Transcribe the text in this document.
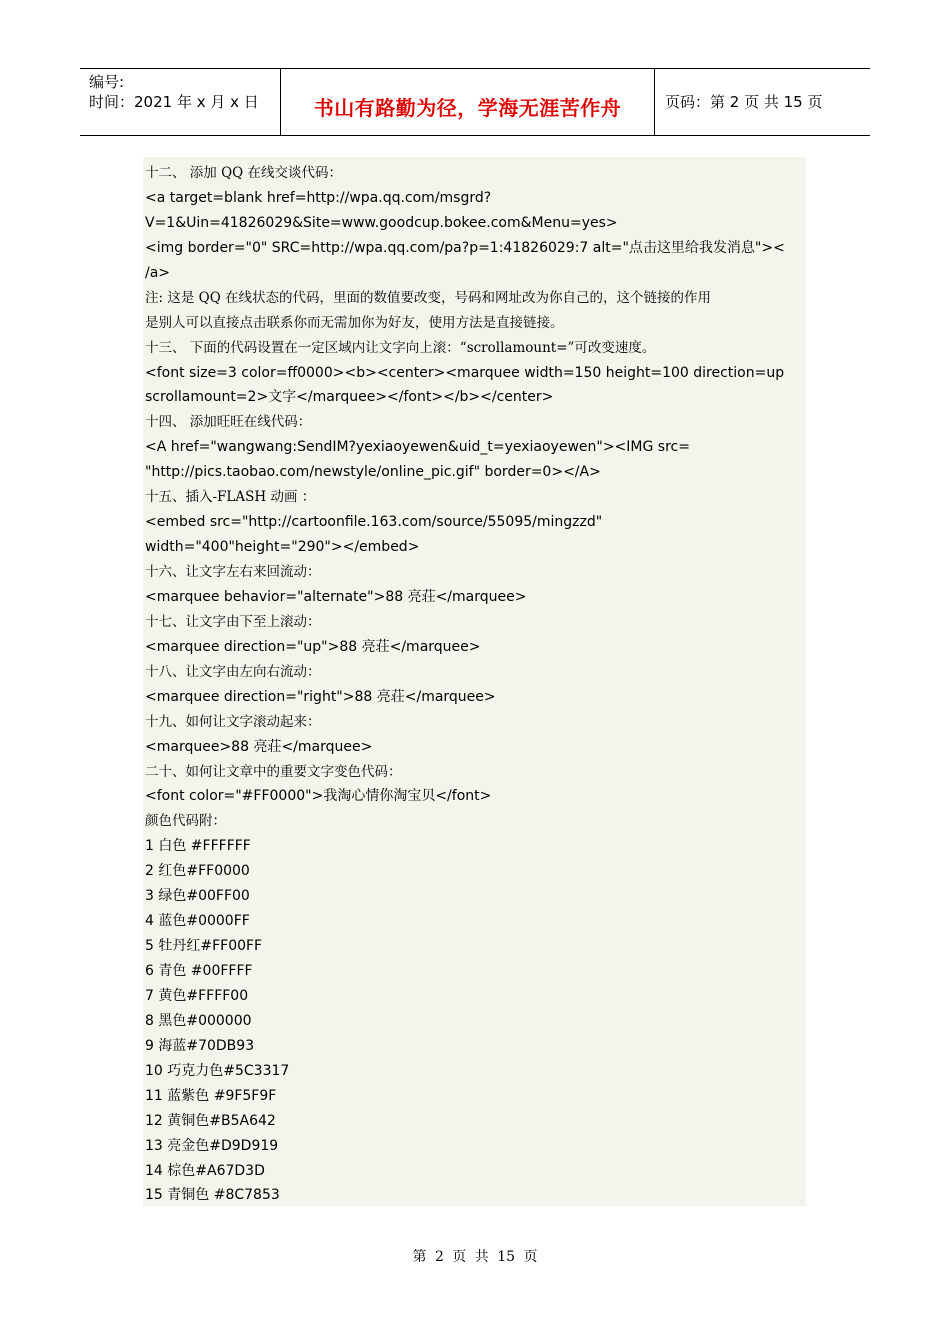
编号:
时间：2021 年 x 月 x 日	书山有路勤为径，学海无涯苦作舟	页码：第 2 页 共 15 页
十二、 添加 QQ 在线交谈代码：
<a target=blank href=http://wpa.qq.com/msgrd?
V=1&Uin=41826029&Site=www.goodcup.bokee.com&Menu=yes>
<img border="0" SRC=http://wpa.qq.com/pa?p=1:41826029:7 alt="点击这里给我发消息"><
/a>
注: 这是 QQ 在线状态的代码，里面的数值要改变，号码和网址改为你自己的，这个链接的作用
是别人可以直接点击联系你而无需加你为好友，使用方法是直接链接。
十三、 下面的代码设置在一定区域内让文字向上滚：“scrollamount=”可改变速度。
<font size=3 color=ff0000><b><center><marquee width=150 height=100 direction=up
scrollamount=2>文字</marquee></font></b></center>
十四、 添加旺旺在线代码：
<A href="wangwang:SendIM?yexiaoyewen&uid_t=yexiaoyewen"><IMG src=
"http://pics.taobao.com/newstyle/online_pic.gif" border=0></A>
十五、插入-FLASH 动画 ：
<embed src="http://cartoonfile.163.com/source/55095/mingzzd"
width="400"height="290"></embed>
十六、让文字左右来回流动：
<marquee behavior="alternate">88 亮荘</marquee>
十七、让文字由下至上滚动：
<marquee direction="up">88 亮荘</marquee>
十八、让文字由左向右流动：
<marquee direction="right">88 亮荘</marquee>
十九、如何让文字滚动起来：
<marquee>88 亮荘</marquee>
二十、如何让文章中的重要文字变色代码：
<font color="#FF0000">我淘心情你淘宝贝</font>
颜色代码附：
1 白色 #FFFFFF
2 红色#FF0000
3 绿色#00FF00
4 蓝色#0000FF
5 牡丹红#FF00FF
6 青色 #00FFFF
7 黄色#FFFF00
8 黑色#000000
9 海蓝#70DB93
10 巧克力色#5C3317
11 蓝紫色 #9F5F9F
12 黄铜色#B5A642
13 亮金色#D9D919
14 棕色#A67D3D
15 青铜色 #8C7853
第 2 页 共 15 页
